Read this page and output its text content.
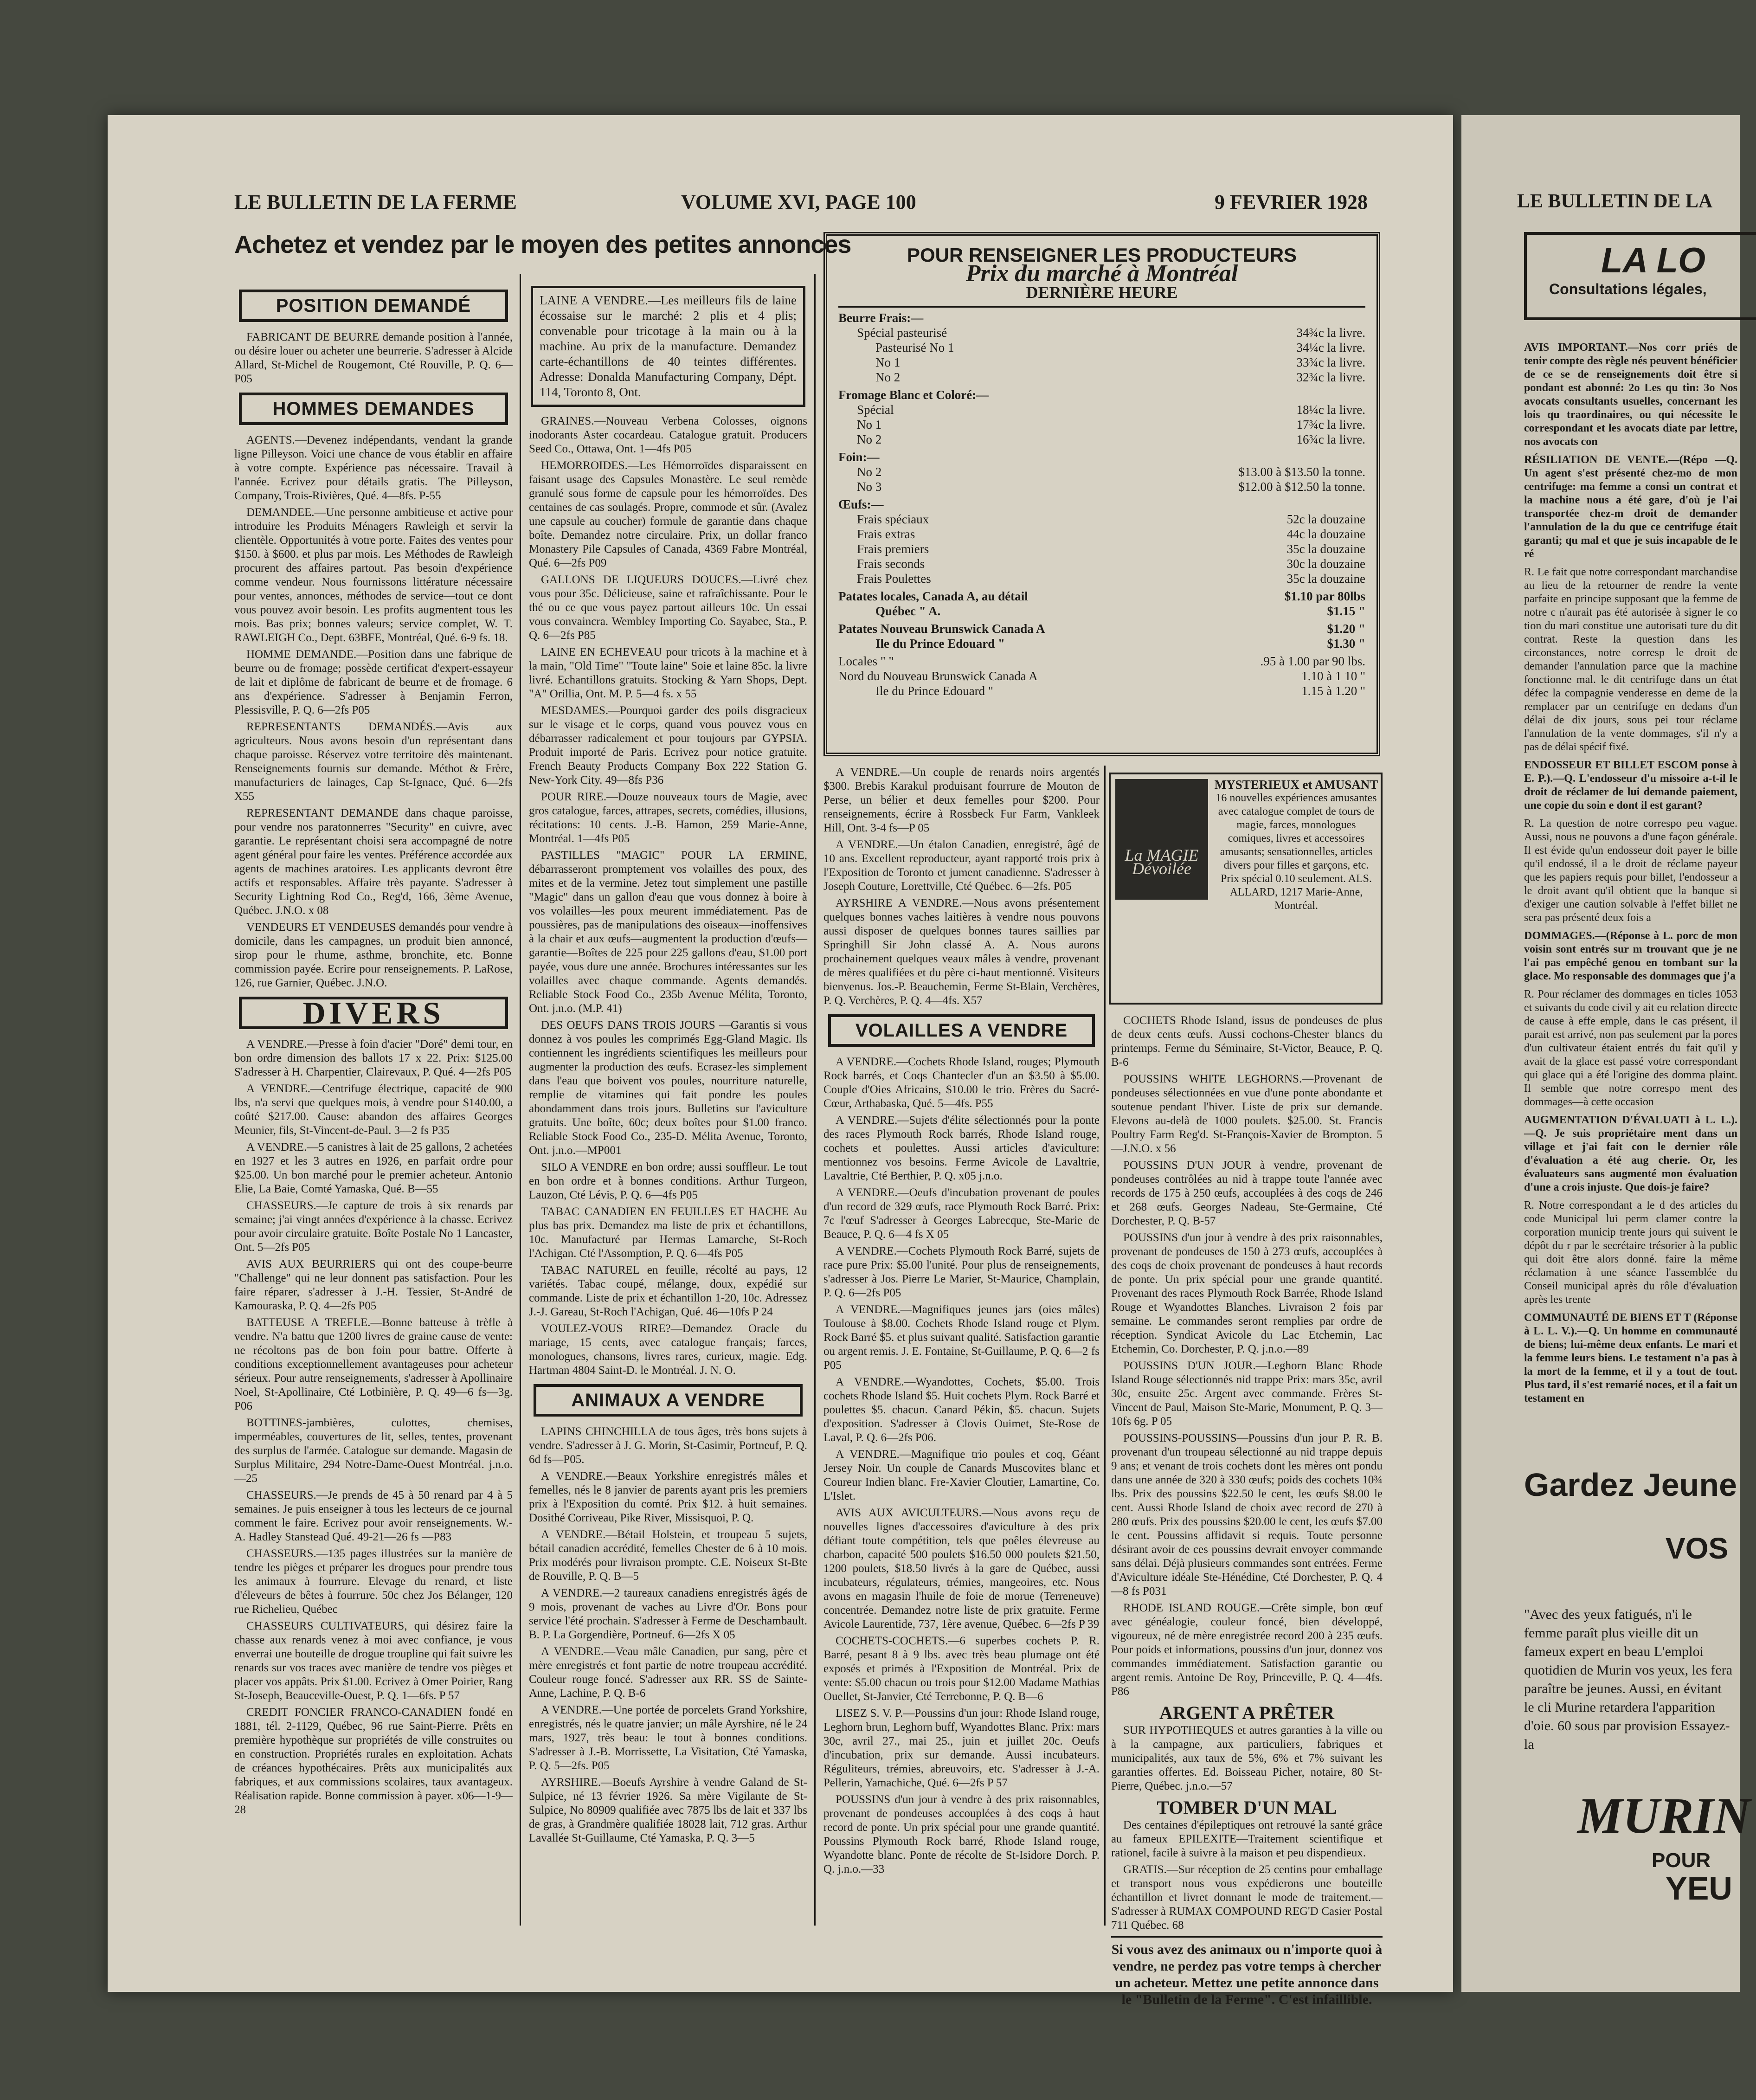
LE BULLETIN DE LA FERME	VOLUME XVI, PAGE 100	9 FEVRIER 1928
Achetez et vendez par le moyen des petites annonces
POSITION DEMANDÉ

FABRICANT DE BEURRE demande position à l'année, ou désire louer ou acheter une beurrerie. S'adresser à Alcide Allard, St-Michel de Rougemont, Cté Rouville, P. Q. 6—P05

HOMMES DEMANDES

AGENTS.—Devenez indépendants, vendant la grande ligne Pilleyson. Voici une chance de vous établir en affaire à votre compte. Expérience pas nécessaire. Travail à l'année. Ecrivez pour détails gratis. The Pilleyson, Company, Trois-Rivières, Qué. 4—8fs. P-55

DEMANDEE.—Une personne ambitieuse et active pour introduire les Produits Ménagers Rawleigh et servir la clientèle. Opportunités à votre porte. Faites des ventes pour $150. à $600. et plus par mois. Les Méthodes de Rawleigh procurent des affaires partout. Pas besoin d'expérience comme vendeur. Nous fournissons littérature nécessaire pour ventes, annonces, méthodes de service—tout ce dont vous pouvez avoir besoin. Les profits augmentent tous les mois. Bas prix; bonnes valeurs; service complet, W. T. RAWLEIGH Co., Dept. 63BFE, Montréal, Qué. 6-9 fs. 18.

HOMME DEMANDE.—Position dans une fabrique de beurre ou de fromage; possède certificat d'expert-essayeur de lait et diplôme de fabricant de beurre et de fromage. 6 ans d'expérience. S'adresser à Benjamin Ferron, Plessisville, P. Q. 6—2fs P05

REPRESENTANTS DEMANDÉS.—Avis aux agriculteurs. Nous avons besoin d'un représentant dans chaque paroisse. Réservez votre territoire dès maintenant. Renseignements fournis sur demande. Méthot & Frère, manufacturiers de lainages, Cap St-Ignace, Qué. 6—2fs X55

REPRESENTANT DEMANDE dans chaque paroisse, pour vendre nos paratonnerres "Security" en cuivre, avec garantie. Le représentant choisi sera accompagné de notre agent général pour faire les ventes. Préférence accordée aux agents de machines aratoires. Les applicants devront être actifs et responsables. Affaire très payante. S'adresser à Security Lightning Rod Co., Reg'd, 166, 3ème Avenue, Québec. J.N.O. x 08

VENDEURS ET VENDEUSES demandés pour vendre à domicile, dans les campagnes, un produit bien annoncé, sirop pour le rhume, asthme, bronchite, etc. Bonne commission payée. Ecrire pour renseignements. P. LaRose, 126, rue Garnier, Québec. J.N.O.

DIVERS

A VENDRE.—Presse à foin d'acier "Doré" demi tour, en bon ordre dimension des ballots 17 x 22. Prix: $125.00 S'adresser à H. Charpentier, Clairevaux, P. Qué. 4—2fs P05

A VENDRE.—Centrifuge électrique, capacité de 900 lbs, n'a servi que quelques mois, à vendre pour $140.00, a coûté $217.00. Cause: abandon des affaires Georges Meunier, fils, St-Vincent-de-Paul. 3—2 fs P35

A VENDRE.—5 canistres à lait de 25 gallons, 2 achetées en 1927 et les 3 autres en 1926, en parfait ordre pour $25.00. Un bon marché pour le premier acheteur. Antonio Elie, La Baie, Comté Yamaska, Qué. B—55

CHASSEURS.—Je capture de trois à six renards par semaine; j'ai vingt années d'expérience à la chasse. Ecrivez pour avoir circulaire gratuite. Boîte Postale No 1 Lancaster, Ont. 5—2fs P05

AVIS AUX BEURRIERS qui ont des coupe-beurre "Challenge" qui ne leur donnent pas satisfaction. Pour les faire réparer, s'adresser à J.-H. Tessier, St-André de Kamouraska, P. Q. 4—2fs P05

BATTEUSE A TREFLE.—Bonne batteuse à trèfle à vendre. N'a battu que 1200 livres de graine cause de vente: ne récoltons pas de bon foin pour battre. Offerte à conditions exceptionnellement avantageuses pour acheteur sérieux. Pour autre renseignements, s'adresser à Apollinaire Noel, St-Apollinaire, Cté Lotbinière, P. Q. 49—6 fs—3g. P06

BOTTINES-jambières, culottes, chemises, imperméables, couvertures de lit, selles, tentes, provenant des surplus de l'armée. Catalogue sur demande. Magasin de Surplus Militaire, 294 Notre-Dame-Ouest Montréal. j.n.o.—25

CHASSEURS.—Je prends de 45 à 50 renard par 4 à 5 semaines. Je puis enseigner à tous les lecteurs de ce journal comment le faire. Ecrivez pour avoir renseignements. W.-A. Hadley Stanstead Qué. 49-21—26 fs —P83

CHASSEURS.—135 pages illustrées sur la manière de tendre les pièges et préparer les drogues pour prendre tous les animaux à fourrure. Elevage du renard, et liste d'éleveurs de bêtes à fourrure. 50c chez Jos Bélanger, 120 rue Richelieu, Québec

CHASSEURS CULTIVATEURS, qui désirez faire la chasse aux renards venez à moi avec confiance, je vous enverrai une bouteille de drogue troupline qui fait suivre les renards sur vos traces avec manière de tendre vos pièges et placer vos appâts. Prix $1.00. Ecrivez à Omer Poirier, Rang St-Joseph, Beauceville-Ouest, P. Q. 1—6fs. P 57

CREDIT FONCIER FRANCO-CANADIEN fondé en 1881, tél. 2-1129, Québec, 96 rue Saint-Pierre. Prêts en première hypothèque sur propriétés de ville construites ou en construction. Propriétés rurales en exploitation. Achats de créances hypothécaires. Prêts aux municipalités aux fabriques, et aux commissions scolaires, taux avantageux. Réalisation rapide. Bonne commission à payer. x06—1-9—28

LAINE A VENDRE.—Les meilleurs fils de laine écossaise sur le marché: 2 plis et 4 plis; convenable pour tricotage à la main ou à la machine. Au prix de la manufacture. Demandez carte-échantillons de 40 teintes différentes. Adresse: Donalda Manufacturing Company, Dépt. 114, Toronto 8, Ont.

GRAINES.—Nouveau Verbena Colosses, oignons inodorants Aster cocardeau. Catalogue gratuit. Producers Seed Co., Ottawa, Ont. 1—4fs P05

HEMORROIDES.—Les Hémorroïdes disparaissent en faisant usage des Capsules Monastère. Le seul remède granulé sous forme de capsule pour les hémorroïdes. Des centaines de cas soulagés. Propre, commode et sûr. (Avalez une capsule au coucher) formule de garantie dans chaque boîte. Demandez notre circulaire. Prix, un dollar franco Monastery Pile Capsules of Canada, 4369 Fabre Montréal, Qué. 6—2fs P09

GALLONS DE LIQUEURS DOUCES.—Livré chez vous pour 35c. Délicieuse, saine et rafraîchissante. Pour le thé ou ce que vous payez partout ailleurs 10c. Un essai vous convaincra. Wembley Importing Co. Sayabec, Sta., P. Q. 6—2fs P85

LAINE EN ECHEVEAU pour tricots à la machine et à la main, "Old Time" "Toute laine" Soie et laine 85c. la livre livré. Echantillons gratuits. Stocking & Yarn Shops, Dept. "A" Orillia, Ont. M. P. 5—4 fs. x 55

MESDAMES.—Pourquoi garder des poils disgracieux sur le visage et le corps, quand vous pouvez vous en débarrasser radicalement et pour toujours par GYPSIA. Produit importé de Paris. Ecrivez pour notice gratuite. French Beauty Products Company Box 222 Station G. New-York City. 49—8fs P36

POUR RIRE.—Douze nouveaux tours de Magie, avec gros catalogue, farces, attrapes, secrets, comédies, illusions, récitations: 10 cents. J.-B. Hamon, 259 Marie-Anne, Montréal. 1—4fs P05

PASTILLES "MAGIC" POUR LA ERMINE, débarrasseront promptement vos volailles des poux, des mites et de la vermine. Jetez tout simplement une pastille "Magic" dans un gallon d'eau que vous donnez à boire à vos volailles—les poux meurent immédiatement. Pas de poussières, pas de manipulations des oiseaux—inoffensives à la chair et aux œufs—augmentent la production d'œufs—garantie—Boîtes de 225 pour 225 gallons d'eau, $1.00 port payée, vous dure une année. Brochures intéressantes sur les volailles avec chaque commande. Agents demandés. Reliable Stock Food Co., 235b Avenue Mélita, Toronto, Ont. j.n.o. (M.P. 41)

DES OEUFS DANS TROIS JOURS —Garantis si vous donnez à vos poules les comprimés Egg-Gland Magic. Ils contiennent les ingrédients scientifiques les meilleurs pour augmenter la production des œufs. Ecrasez-les simplement dans l'eau que boivent vos poules, nourriture naturelle, remplie de vitamines qui fait pondre les poules abondamment dans trois jours. Bulletins sur l'aviculture gratuits. Une boîte, 60c; deux boîtes pour $1.00 franco. Reliable Stock Food Co., 235-D. Mélita Avenue, Toronto, Ont. j.n.o.—MP001

SILO A VENDRE en bon ordre; aussi souffleur. Le tout en bon ordre et à bonnes conditions. Arthur Turgeon, Lauzon, Cté Lévis, P. Q. 6—4fs P05

TABAC CANADIEN EN FEUILLES ET HACHE Au plus bas prix. Demandez ma liste de prix et échantillons, 10c. Manufacturé par Hermas Lamarche, St-Roch l'Achigan. Cté l'Assomption, P. Q. 6—4fs P05

TABAC NATUREL en feuille, récolté au pays, 12 variétés. Tabac coupé, mélange, doux, expédié sur commande. Liste de prix et échantillon 1-20, 10c. Adressez J.-J. Gareau, St-Roch l'Achigan, Qué. 46—10fs P 24

VOULEZ-VOUS RIRE?—Demandez Oracle du mariage, 15 cents, avec catalogue français; farces, monologues, chansons, livres rares, curieux, magie. Edg. Hartman 4804 Saint-D. le Montréal. J. N. O.

ANIMAUX A VENDRE

LAPINS CHINCHILLA de tous âges, très bons sujets à vendre. S'adresser à J. G. Morin, St-Casimir, Portneuf, P. Q. 6d fs—P05.

A VENDRE.—Beaux Yorkshire enregistrés mâles et femelles, nés le 8 janvier de parents ayant pris les premiers prix à l'Exposition du comté. Prix $12. à huit semaines. Dosithé Corriveau, Pike River, Missisquoi, P. Q.

A VENDRE.—Bétail Holstein, et troupeau 5 sujets, bétail canadien accrédité, femelles Chester de 6 à 10 mois. Prix modérés pour livraison prompte. C.E. Noiseux St-Bte de Rouville, P. Q. B—5

A VENDRE.—2 taureaux canadiens enregistrés âgés de 9 mois, provenant de vaches au Livre d'Or. Bons pour service l'été prochain. S'adresser à Ferme de Deschambault. B. P. La Gorgendière, Portneuf. 6—2fs X 05

A VENDRE.—Veau mâle Canadien, pur sang, père et mère enregistrés et font partie de notre troupeau accrédité. Couleur rouge foncé. S'adresser aux RR. SS de Sainte-Anne, Lachine, P. Q. B-6

A VENDRE.—Une portée de porcelets Grand Yorkshire, enregistrés, nés le quatre janvier; un mâle Ayrshire, né le 24 mars, 1927, très beau: le tout à bonnes conditions. S'adresser à J.-B. Morrissette, La Visitation, Cté Yamaska, P. Q. 5—2fs. P05

AYRSHIRE.—Boeufs Ayrshire à vendre Galand de St-Sulpice, né 13 février 1926. Sa mère Vigilante de St-Sulpice, No 80909 qualifiée avec 7875 lbs de lait et 337 lbs de gras, à Grandmère qualifiée 18028 lait, 712 gras. Arthur Lavallée St-Guillaume, Cté Yamaska, P. Q. 3—5

POUR RENSEIGNER LES PRODUCTEURS
Prix du marché à Montréal
DERNIÈRE HEURE
Beurre Frais:—
Spécial pasteurisé	34¾c la livre.
Pasteurisé No 1	34¼c la livre.
No 1	33¾c la livre.
No 2	32¾c la livre.
Fromage Blanc et Coloré:—
Spécial	18¼c la livre.
No 1	17¾c la livre.
No 2	16¾c la livre.
Foin:—
No 2	$13.00 à $13.50 la tonne.
No 3	$12.00 à $12.50 la tonne.
Œufs:—
Frais spéciaux	52c la douzaine
Frais extras	44c la douzaine
Frais premiers	35c la douzaine
Frais seconds	30c la douzaine
Frais Poulettes	35c la douzaine
Patates locales, Canada A, au détail	$1.10 par 80lbs
Québec " A.	$1.15 "
Patates Nouveau Brunswick Canada A	$1.20 "
Ile du Prince Edouard "	$1.30 "
Locales " "	.95 à 1.00 par 90 lbs.
Nord du Nouveau Brunswick Canada A	1.10 à 1 10 "
Ile du Prince Edouard "	1.15 à 1.20 "

A VENDRE.—Un couple de renards noirs argentés $300. Brebis Karakul produisant fourrure de Mouton de Perse, un bélier et deux femelles pour $200. Pour renseignements, écrire à Rossbeck Fur Farm, Vankleek Hill, Ont. 3-4 fs—P 05

A VENDRE.—Un étalon Canadien, enregistré, âgé de 10 ans. Excellent reproducteur, ayant rapporté trois prix à l'Exposition de Toronto et jument canadienne. S'adresser à Joseph Couture, Lorettville, Cté Québec. 6—2fs. P05

AYRSHIRE A VENDRE.—Nous avons présentement quelques bonnes vaches laitières à vendre nous pouvons aussi disposer de quelques bonnes taures saillies par Springhill Sir John classé A. A. Nous aurons prochainement quelques veaux mâles à vendre, provenant de mères qualifiées et du père ci-haut mentionné. Visiteurs bienvenus. Jos.-P. Beauchemin, Ferme St-Blain, Verchères, P. Q. Verchères, P. Q. 4—4fs. X57

VOLAILLES A VENDRE

A VENDRE.—Cochets Rhode Island, rouges; Plymouth Rock barrés, et Coqs Chantecler d'un an $3.50 à $5.00. Couple d'Oies Africains, $10.00 le trio. Frères du Sacré-Cœur, Arthabaska, Qué. 5—4fs. P55

A VENDRE.—Sujets d'élite sélectionnés pour la ponte des races Plymouth Rock barrés, Rhode Island rouge, cochets et poulettes. Aussi articles d'aviculture: mentionnez vos besoins. Ferme Avicole de Lavaltrie, Lavaltrie, Cté Berthier, P. Q. x05 j.n.o.

A VENDRE.—Oeufs d'incubation provenant de poules d'un record de 329 œufs, race Plymouth Rock Barré. Prix: 7c l'œuf S'adresser à Georges Labrecque, Ste-Marie de Beauce, P. Q. 6—4 fs X 05

A VENDRE.—Cochets Plymouth Rock Barré, sujets de race pure Prix: $5.00 l'unité. Pour plus de renseignements, s'adresser à Jos. Pierre Le Marier, St-Maurice, Champlain, P. Q. 6—2fs P05

A VENDRE.—Magnifiques jeunes jars (oies mâles) Toulouse à $8.00. Cochets Rhode Island rouge et Plym. Rock Barré $5. et plus suivant qualité. Satisfaction garantie ou argent remis. J. E. Fontaine, St-Guillaume, P. Q. 6—2 fs P05

A VENDRE.—Wyandottes, Cochets, $5.00. Trois cochets Rhode Island $5. Huit cochets Plym. Rock Barré et poulettes $5. chacun. Canard Pékin, $5. chacun. Sujets d'exposition. S'adresser à Clovis Ouimet, Ste-Rose de Laval, P. Q. 6—2fs P06.

A VENDRE.—Magnifique trio poules et coq, Géant Jersey Noir. Un couple de Canards Muscovites blanc et Coureur Indien blanc. Fre-Xavier Cloutier, Lamartine, Co. L'Islet.

AVIS AUX AVICULTEURS.—Nous avons reçu de nouvelles lignes d'accessoires d'aviculture à des prix défiant toute compétition, tels que poêles élevreuse au charbon, capacité 500 poulets $16.50 000 poulets $21.50, 1200 poulets, $18.50 livrés à la gare de Québec, aussi incubateurs, régulateurs, trémies, mangeoires, etc. Nous avons en magasin l'huile de foie de morue (Terreneuve) concentrée. Demandez notre liste de prix gratuite. Ferme Avicole Laurentide, 737, 1ère avenue, Québec. 6—2fs P 39

COCHETS-COCHETS.—6 superbes cochets P. R. Barré, pesant 8 à 9 lbs. avec très beau plumage ont été exposés et primés à l'Exposition de Montréal. Prix de vente: $5.00 chacun ou trois pour $12.00 Madame Mathias Ouellet, St-Janvier, Cté Terrebonne, P. Q. B—6

LISEZ S. V. P.—Poussins d'un jour: Rhode Island rouge, Leghorn brun, Leghorn buff, Wyandottes Blanc. Prix: mars 30c, avril 27., mai 25., juin et juillet 20c. Oeufs d'incubation, prix sur demande. Aussi incubateurs. Réguliteurs, trémies, abreuvoirs, etc. S'adresser à J.-A. Pellerin, Yamachiche, Qué. 6—2fs P 57

POUSSINS d'un jour à vendre à des prix raisonnables, provenant de pondeuses accouplées à des coqs à haut record de ponte. Un prix spécial pour une grande quantité. Poussins Plymouth Rock barré, Rhode Island rouge, Wyandotte blanc. Ponte de récolte de St-Isidore Dorch. P. Q. j.n.o.—33

La MAGIE Dévoilée
MYSTERIEUX et AMUSANT
16 nouvelles expériences amusantes avec catalogue complet de tours de magie, farces, monologues comiques, livres et accessoires amusants; sensationnelles, articles divers pour filles et garçons, etc. Prix spécial 0.10 seulement. ALS. ALLARD, 1217 Marie-Anne, Montréal.

COCHETS Rhode Island, issus de pondeuses de plus de deux cents œufs. Aussi cochons-Chester blancs du printemps. Ferme du Séminaire, St-Victor, Beauce, P. Q. B-6

POUSSINS WHITE LEGHORNS.—Provenant de pondeuses sélectionnées en vue d'une ponte abondante et soutenue pendant l'hiver. Liste de prix sur demande. Elevons au-delà de 1000 poulets. $25.00. St. Francis Poultry Farm Reg'd. St-François-Xavier de Brompton. 5—J.N.O. x 56

POUSSINS D'UN JOUR à vendre, provenant de pondeuses contrôlées au nid à trappe toute l'année avec records de 175 à 250 œufs, accouplées à des coqs de 246 et 268 œufs. Georges Nadeau, Ste-Germaine, Cté Dorchester, P. Q. B-57

POUSSINS d'un jour à vendre à des prix raisonnables, provenant de pondeuses de 150 à 273 œufs, accouplées à des coqs de choix provenant de pondeuses à haut records de ponte. Un prix spécial pour une grande quantité. Provenant des races Plymouth Rock Barrée, Rhode Island Rouge et Wyandottes Blanches. Livraison 2 fois par semaine. Le commandes seront remplies par ordre de réception. Syndicat Avicole du Lac Etchemin, Lac Etchemin, Co. Dorchester, P. Q. j.n.o.—89

POUSSINS D'UN JOUR.—Leghorn Blanc Rhode Island Rouge sélectionnés nid trappe Prix: mars 35c, avril 30c, ensuite 25c. Argent avec commande. Frères St-Vincent de Paul, Maison Ste-Marie, Monument, P. Q. 3—10fs 6g. P 05

POUSSINS-POUSSINS—Poussins d'un jour P. R. B. provenant d'un troupeau sélectionné au nid trappe depuis 9 ans; et venant de trois cochets dont les mères ont pondu dans une année de 320 à 330 œufs; poids des cochets 10¾ lbs. Prix des poussins $22.50 le cent, les œufs $8.00 le cent. Aussi Rhode Island de choix avec record de 270 à 280 œufs. Prix des poussins $20.00 le cent, les œufs $7.00 le cent. Poussins affidavit si requis. Toute personne désirant avoir de ces poussins devrait envoyer commande sans délai. Déjà plusieurs commandes sont entrées. Ferme d'Aviculture idéale Ste-Hénédine, Cté Dorchester, P. Q. 4—8 fs P031

RHODE ISLAND ROUGE.—Crête simple, bon œuf avec généalogie, couleur foncé, bien développé, vigoureux, né de mère enregistrée record 200 à 235 œufs. Pour poids et informations, poussins d'un jour, donnez vos commandes immédiatement. Satisfaction garantie ou argent remis. Antoine De Roy, Princeville, P. Q. 4—4fs. P86

ARGENT A PRÊTER

SUR HYPOTHEQUES et autres garanties à la ville ou à la campagne, aux particuliers, fabriques et municipalités, aux taux de 5%, 6% et 7% suivant les garanties offertes. Ed. Boisseau Picher, notaire, 80 St-Pierre, Québec. j.n.o.—57

TOMBER D'UN MAL

Des centaines d'épileptiques ont retrouvé la santé grâce au fameux EPILEXITE—Traitement scientifique et rationel, facile à suivre à la maison et peu dispendieux.

GRATIS.—Sur réception de 25 centins pour emballage et transport nous vous expédierons une bouteille échantillon et livret donnant le mode de traitement.—S'adresser à RUMAX COMPOUND REG'D Casier Postal 711 Québec. 68

Si vous avez des animaux ou n'importe quoi à vendre, ne perdez pas votre temps à chercher un acheteur. Mettez une petite annonce dans le "Bulletin de la Ferme". C'est infaillible.
LE BULLETIN DE LA
LA LO
Consultations légales,

AVIS IMPORTANT.—Nos corr priés de tenir compte des règle nés peuvent bénéficier de ce se de renseignements doit être si pondant est abonné: 2o Les qu tin: 3o Nos avocats consultants usuelles, concernant les lois qu traordinaires, ou qui nécessite le correspondant et les avocats diate par lettre, nos avocats con

RÉSILIATION DE VENTE.—(Répo —Q. Un agent s'est présenté chez-mo de mon centrifuge: ma femme a consi un contrat et la machine nous a été gare, d'où je l'ai transportée chez-m droit de demander l'annulation de la du que ce centrifuge était garanti; qu mal et que je suis incapable de le ré

R. Le fait que notre correspondant marchandise au lieu de la retourner de rendre la vente parfaite en principe supposant que la femme de notre c n'aurait pas été autorisée à signer le co tion du mari constitue une autorisati ture du dit contrat. Reste la question dans les circonstances, notre corresp le droit de demander l'annulation parce que la machine fonctionne mal. le dit centrifuge dans un état défec la compagnie venderesse en deme de la remplacer par un centrifuge en dedans d'un délai de dix jours, sous pei tour réclame l'annulation de la vente dommages, s'il n'y a pas de délai spécif fixé.

ENDOSSEUR ET BILLET ESCOM ponse à E. P.).—Q. L'endosseur d'u missoire a-t-il le droit de réclamer de lui demande paiement, une copie du soin e dont il est garant?

R. La question de notre correspo peu vague. Aussi, nous ne pouvons a d'une façon générale. Il est évide qu'un endosseur doit payer le bille qu'il endossé, il a le droit de réclame payeur que les papiers requis pour billet, l'endosseur a le droit avant qu'il obtient que la banque si d'exiger une caution solvable à l'effet billet ne sera pas présenté deux fois a

DOMMAGES.—(Réponse à L. porc de mon voisin sont entrés sur m trouvant que je ne l'ai pas empêché genou en tombant sur la glace. Mo responsable des dommages que j'a

R. Pour réclamer des dommages en ticles 1053 et suivants du code civil y ait eu relation directe de cause à effe emple, dans le cas présent, il parait est arrivé, non pas seulement par la pores d'un cultivateur étaient entrés du fait qu'il y avait de la glace est passé votre correspondant qui glace qui a été l'origine des domma plaint. Il semble que notre correspo ment des dommages—à cette occasion

AUGMENTATION D'ÉVALUATI à L. L.).—Q. Je suis propriétaire ment dans un village et j'ai fait con le dernier rôle d'évaluation a été aug cherie. Or, les évaluateurs sans augmenté mon évaluation d'une a crois injuste. Que dois-je faire?

R. Notre correspondant a le d des articles du code Municipal lui perm clamer contre la corporation municip trente jours qui suivent le dépôt du r par le secrétaire trésorier à la public qui doit être alors donné. faire la même réclamation à une séance l'assemblée du Conseil municipal après du rôle d'évaluation après les trente

COMMUNAUTÉ DE BIENS ET T (Réponse à L. L. V.).—Q. Un homme en communauté de biens; lui-même deux enfants. Le mari et la femme leurs biens. Le testament n'a pas à la mort de la femme, et il y a tout de tout. Plus tard, il s'est remarié noces, et il a fait un testament en

Gardez Jeune
VOS
"Avec des yeux fatigués, n'i le femme paraît plus vieille dit un fameux expert en beau L'emploi quotidien de Murin vos yeux, les fera paraître be jeunes. Aussi, en évitant le cli Murine retardera l'apparition d'oie. 60 sous par provision Essayez-la
MURIN
POUR
YEU
